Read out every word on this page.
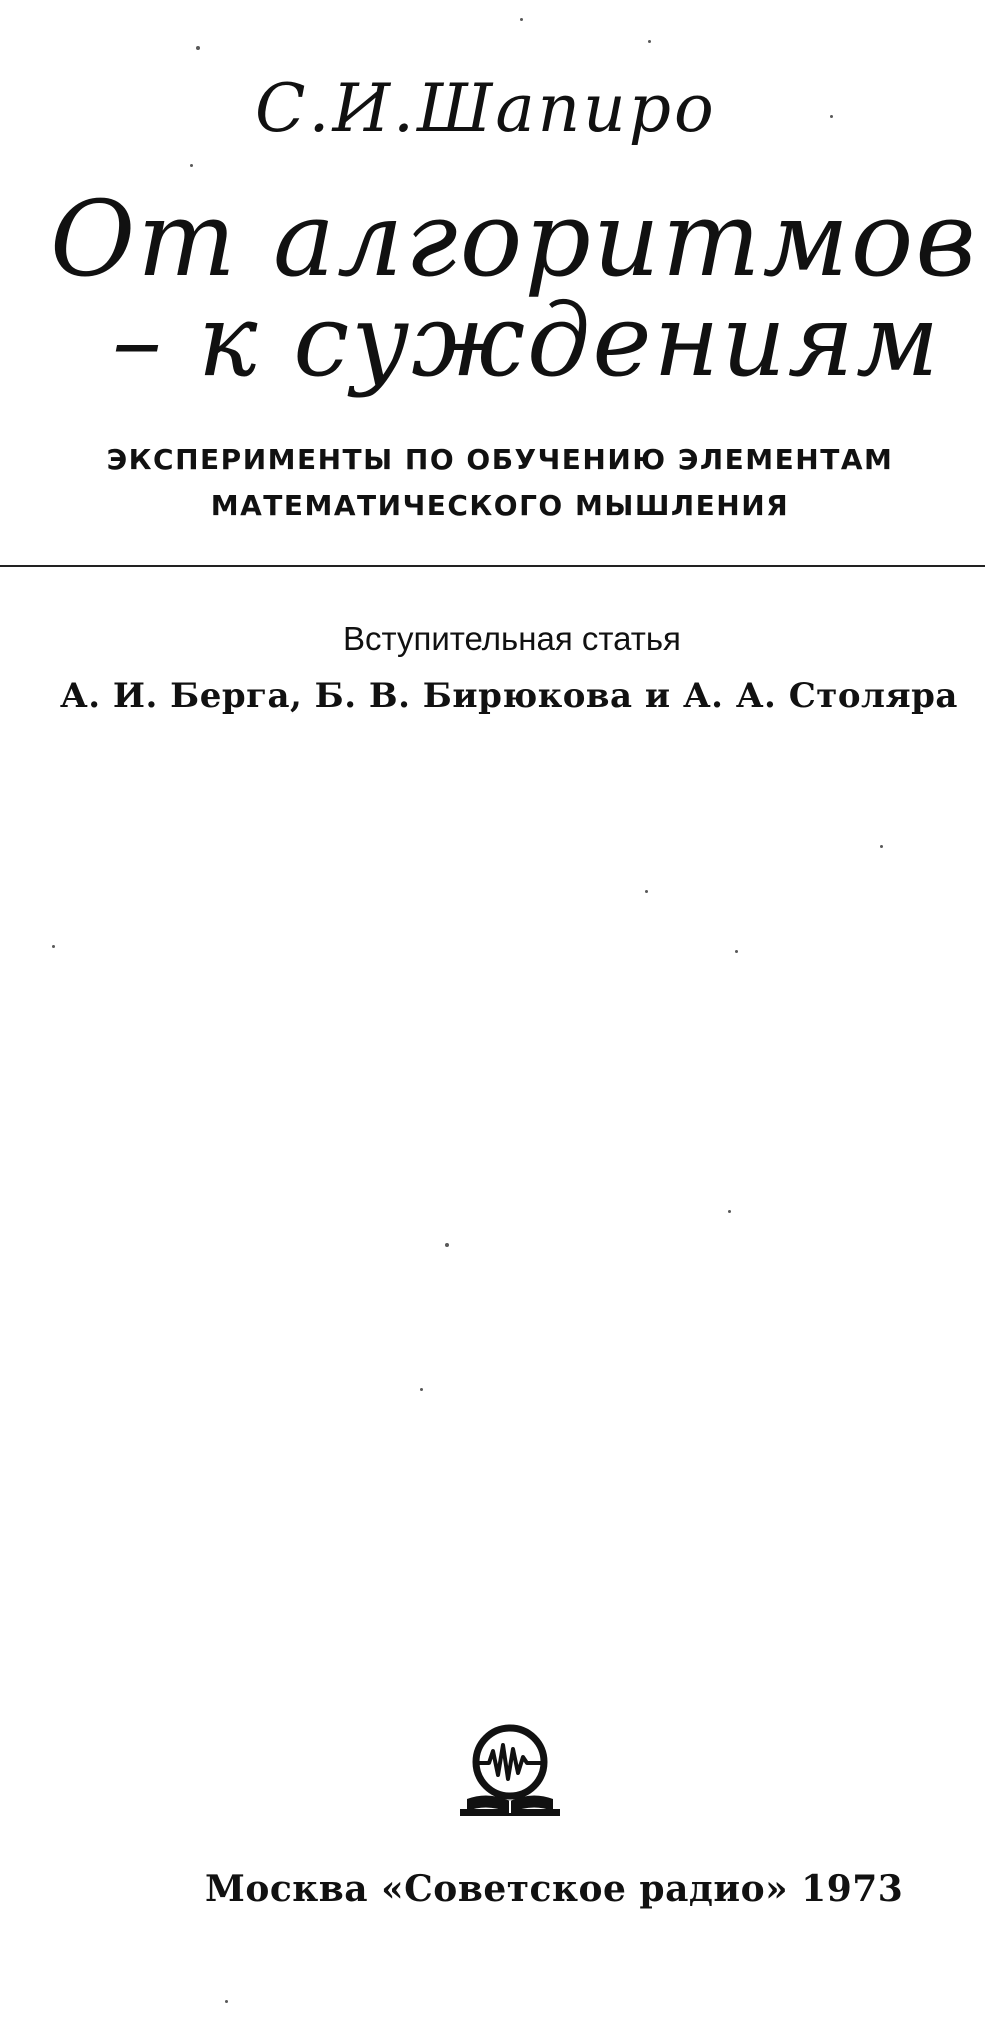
С.И.Шапиро
От алгоритмов
– к суждениям
ЭКСПЕРИМЕНТЫ ПО ОБУЧЕНИЮ ЭЛЕМЕНТАМ
МАТЕМАТИЧЕСКОГО МЫШЛЕНИЯ
Вступительная статья
А. И. Берга, Б. В. Бирюкова и А. А. Столяра
Москва «Советское радио» 1973
